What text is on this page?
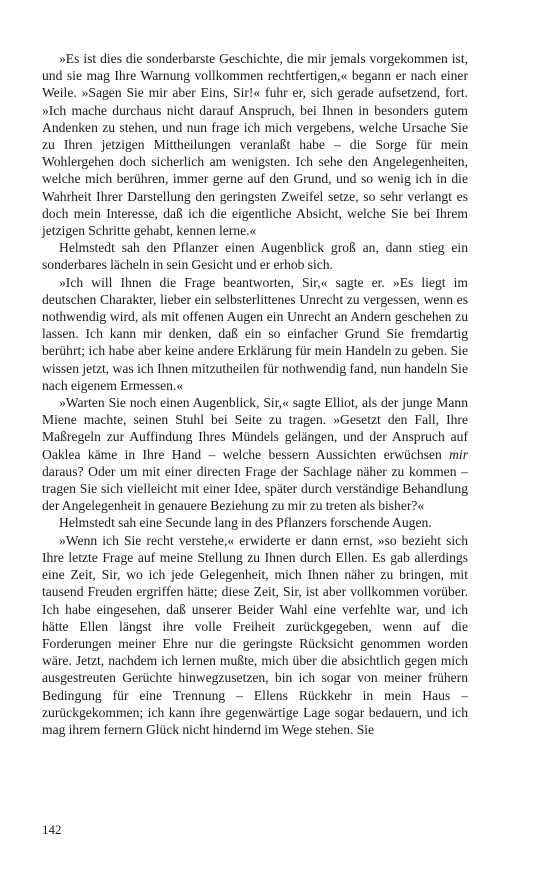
»Es ist dies die sonderbarste Geschichte, die mir jemals vorgekommen ist, und sie mag Ihre Warnung vollkommen rechtfertigen,« begann er nach einer Weile. »Sagen Sie mir aber Eins, Sir!« fuhr er, sich gerade aufsetzend, fort. »Ich mache durchaus nicht darauf Anspruch, bei Ihnen in besonders gutem Andenken zu stehen, und nun frage ich mich vergebens, welche Ursache Sie zu Ihren jetzigen Mittheilungen veranlaßt habe – die Sorge für mein Wohlergehen doch sicherlich am wenigsten. Ich sehe den Angelegenheiten, welche mich berühren, immer gerne auf den Grund, und so wenig ich in die Wahrheit Ihrer Darstellung den geringsten Zweifel setze, so sehr verlangt es doch mein Interesse, daß ich die eigentliche Absicht, welche Sie bei Ihrem jetzigen Schritte gehabt, kennen lerne.«

Helmstedt sah den Pflanzer einen Augenblick groß an, dann stieg ein sonderbares lächeln in sein Gesicht und er erhob sich.

»Ich will Ihnen die Frage beantworten, Sir,« sagte er. »Es liegt im deutschen Charakter, lieber ein selbsterlittenes Unrecht zu vergessen, wenn es nothwendig wird, als mit offenen Augen ein Unrecht an Andern geschehen zu lassen. Ich kann mir denken, daß ein so einfacher Grund Sie fremdartig berührt; ich habe aber keine andere Erklärung für mein Handeln zu geben. Sie wissen jetzt, was ich Ihnen mitzutheilen für nothwendig fand, nun handeln Sie nach eigenem Ermessen.«

»Warten Sie noch einen Augenblick, Sir,« sagte Elliot, als der junge Mann Miene machte, seinen Stuhl bei Seite zu tragen. »Gesetzt den Fall, Ihre Maßregeln zur Auffindung Ihres Mündels gelängen, und der Anspruch auf Oaklea käme in Ihre Hand – welche bessern Aussichten erwüchsen mir daraus? Oder um mit einer directen Frage der Sachlage näher zu kommen – tragen Sie sich vielleicht mit einer Idee, später durch verständige Behandlung der Angelegenheit in genauere Beziehung zu mir zu treten als bisher?«

Helmstedt sah eine Secunde lang in des Pflanzers forschende Augen.

»Wenn ich Sie recht verstehe,« erwiderte er dann ernst, »so bezieht sich Ihre letzte Frage auf meine Stellung zu Ihnen durch Ellen. Es gab allerdings eine Zeit, Sir, wo ich jede Gelegenheit, mich Ihnen näher zu bringen, mit tausend Freuden ergriffen hätte; diese Zeit, Sir, ist aber vollkommen vorüber. Ich habe eingesehen, daß unserer Beider Wahl eine verfehlte war, und ich hätte Ellen längst ihre volle Freiheit zurückgegeben, wenn auf die Forderungen meiner Ehre nur die geringste Rücksicht genommen worden wäre. Jetzt, nachdem ich lernen mußte, mich über die absichtlich gegen mich ausgestreuten Gerüchte hinwegzusetzen, bin ich sogar von meiner frühern Bedingung für eine Trennung – Ellens Rückkehr in mein Haus – zurückgekommen; ich kann ihre gegenwärtige Lage sogar bedauern, und ich mag ihrem fernern Glück nicht hindernd im Wege stehen. Sie

142
